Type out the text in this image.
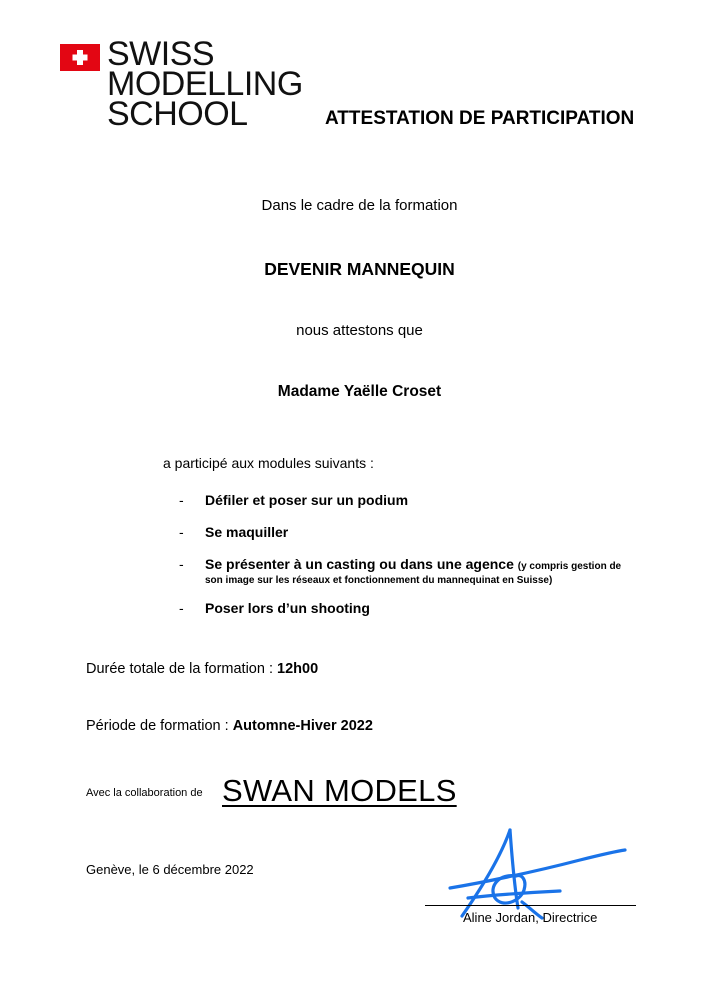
SWISS
MODELLING
SCHOOL	ATTESTATION DE PARTICIPATION
Dans le cadre de la formation
DEVENIR MANNEQUIN
nous attestons que
Madame Yaëlle Croset
a participé aux modules suivants :
- Défiler et poser sur un podium
- Se maquiller
- Se présenter à un casting ou dans une agence (y compris gestion de
son image sur les réseaux et fonctionnement du mannequinat en Suisse)
- Poser lors d’un shooting
Durée totale de la formation : 12h00
Période de formation : Automne-Hiver 2022
Avec la collaboration de SWAN MODELS
Genève, le 6 décembre 2022
Aline Jordan, Directrice
